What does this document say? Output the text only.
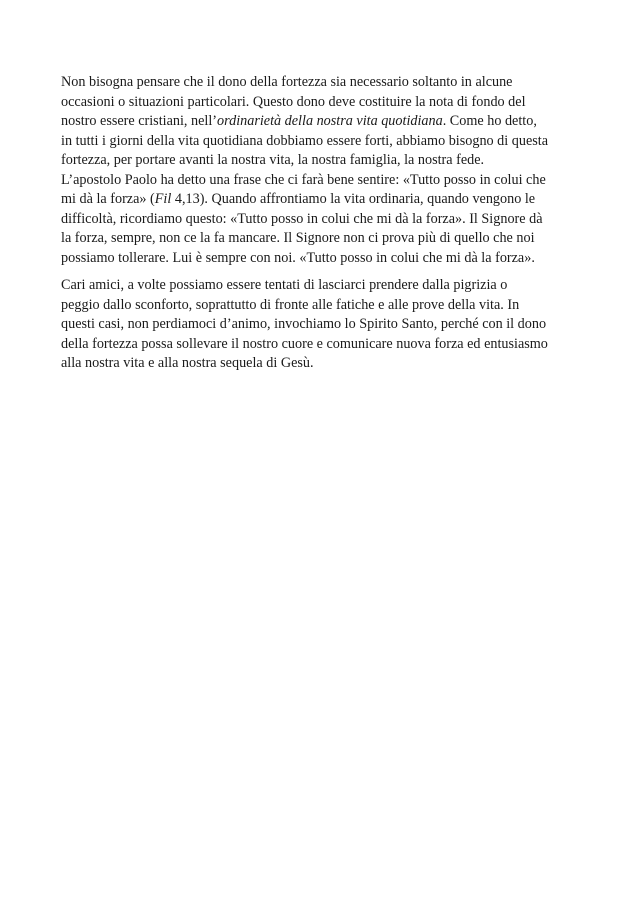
Non bisogna pensare che il dono della fortezza sia necessario soltanto in alcune
occasioni o situazioni particolari. Questo dono deve costituire la nota di fondo del
nostro essere cristiani, nell’ordinarietà della nostra vita quotidiana. Come ho detto,
in tutti i giorni della vita quotidiana dobbiamo essere forti, abbiamo bisogno di questa
fortezza, per portare avanti la nostra vita, la nostra famiglia, la nostra fede.
L’apostolo Paolo ha detto una frase che ci farà bene sentire: «Tutto posso in colui che
mi dà la forza» (Fil 4,13). Quando affrontiamo la vita ordinaria, quando vengono le
difficoltà, ricordiamo questo: «Tutto posso in colui che mi dà la forza». Il Signore dà
la forza, sempre, non ce la fa mancare. Il Signore non ci prova più di quello che noi
possiamo tollerare. Lui è sempre con noi. «Tutto posso in colui che mi dà la forza».

Cari amici, a volte possiamo essere tentati di lasciarci prendere dalla pigrizia o
peggio dallo sconforto, soprattutto di fronte alle fatiche e alle prove della vita. In
questi casi, non perdiamoci d’animo, invochiamo lo Spirito Santo, perché con il dono
della fortezza possa sollevare il nostro cuore e comunicare nuova forza ed entusiasmo
alla nostra vita e alla nostra sequela di Gesù.
